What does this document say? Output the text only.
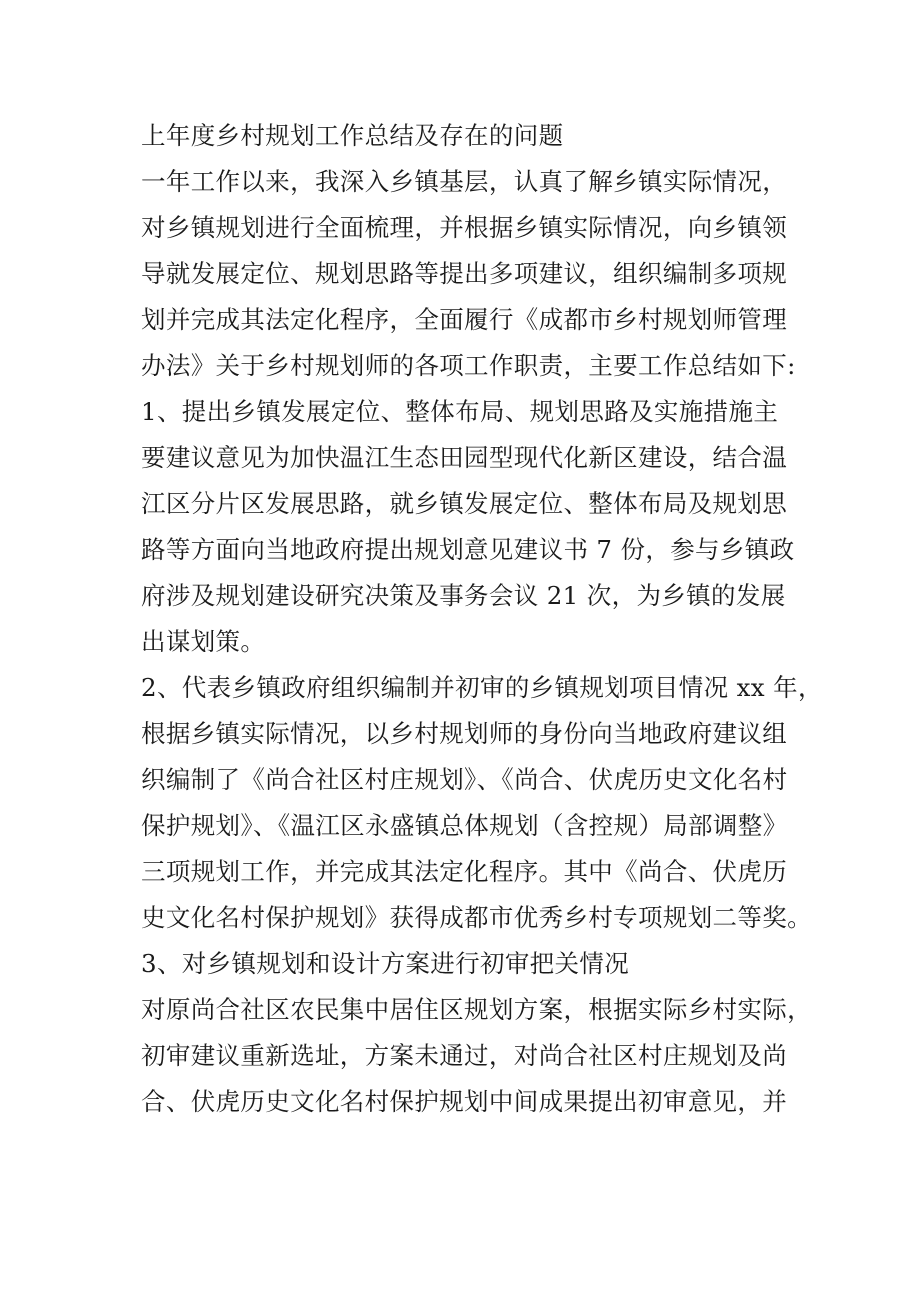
上年度乡村规划工作总结及存在的问题
一年工作以来，我深入乡镇基层，认真了解乡镇实际情况，
对乡镇规划进行全面梳理，并根据乡镇实际情况，向乡镇领
导就发展定位、规划思路等提出多项建议，组织编制多项规
划并完成其法定化程序，全面履行《成都市乡村规划师管理
办法》关于乡村规划师的各项工作职责，主要工作总结如下:
1、提出乡镇发展定位、整体布局、规划思路及实施措施主
要建议意见为加快温江生态田园型现代化新区建设，结合温
江区分片区发展思路，就乡镇发展定位、整体布局及规划思
路等方面向当地政府提出规划意见建议书 7 份，参与乡镇政
府涉及规划建设研究决策及事务会议 21 次，为乡镇的发展
出谋划策。
2、代表乡镇政府组织编制并初审的乡镇规划项目情况 xx 年，
根据乡镇实际情况，以乡村规划师的身份向当地政府建议组
织编制了《尚合社区村庄规划》、《尚合、伏虎历史文化名村
保护规划》、《温江区永盛镇总体规划（含控规）局部调整》
三项规划工作，并完成其法定化程序。其中《尚合、伏虎历
史文化名村保护规划》获得成都市优秀乡村专项规划二等奖。
3、对乡镇规划和设计方案进行初审把关情况
对原尚合社区农民集中居住区规划方案，根据实际乡村实际，
初审建议重新选址，方案未通过，对尚合社区村庄规划及尚
合、伏虎历史文化名村保护规划中间成果提出初审意见，并
